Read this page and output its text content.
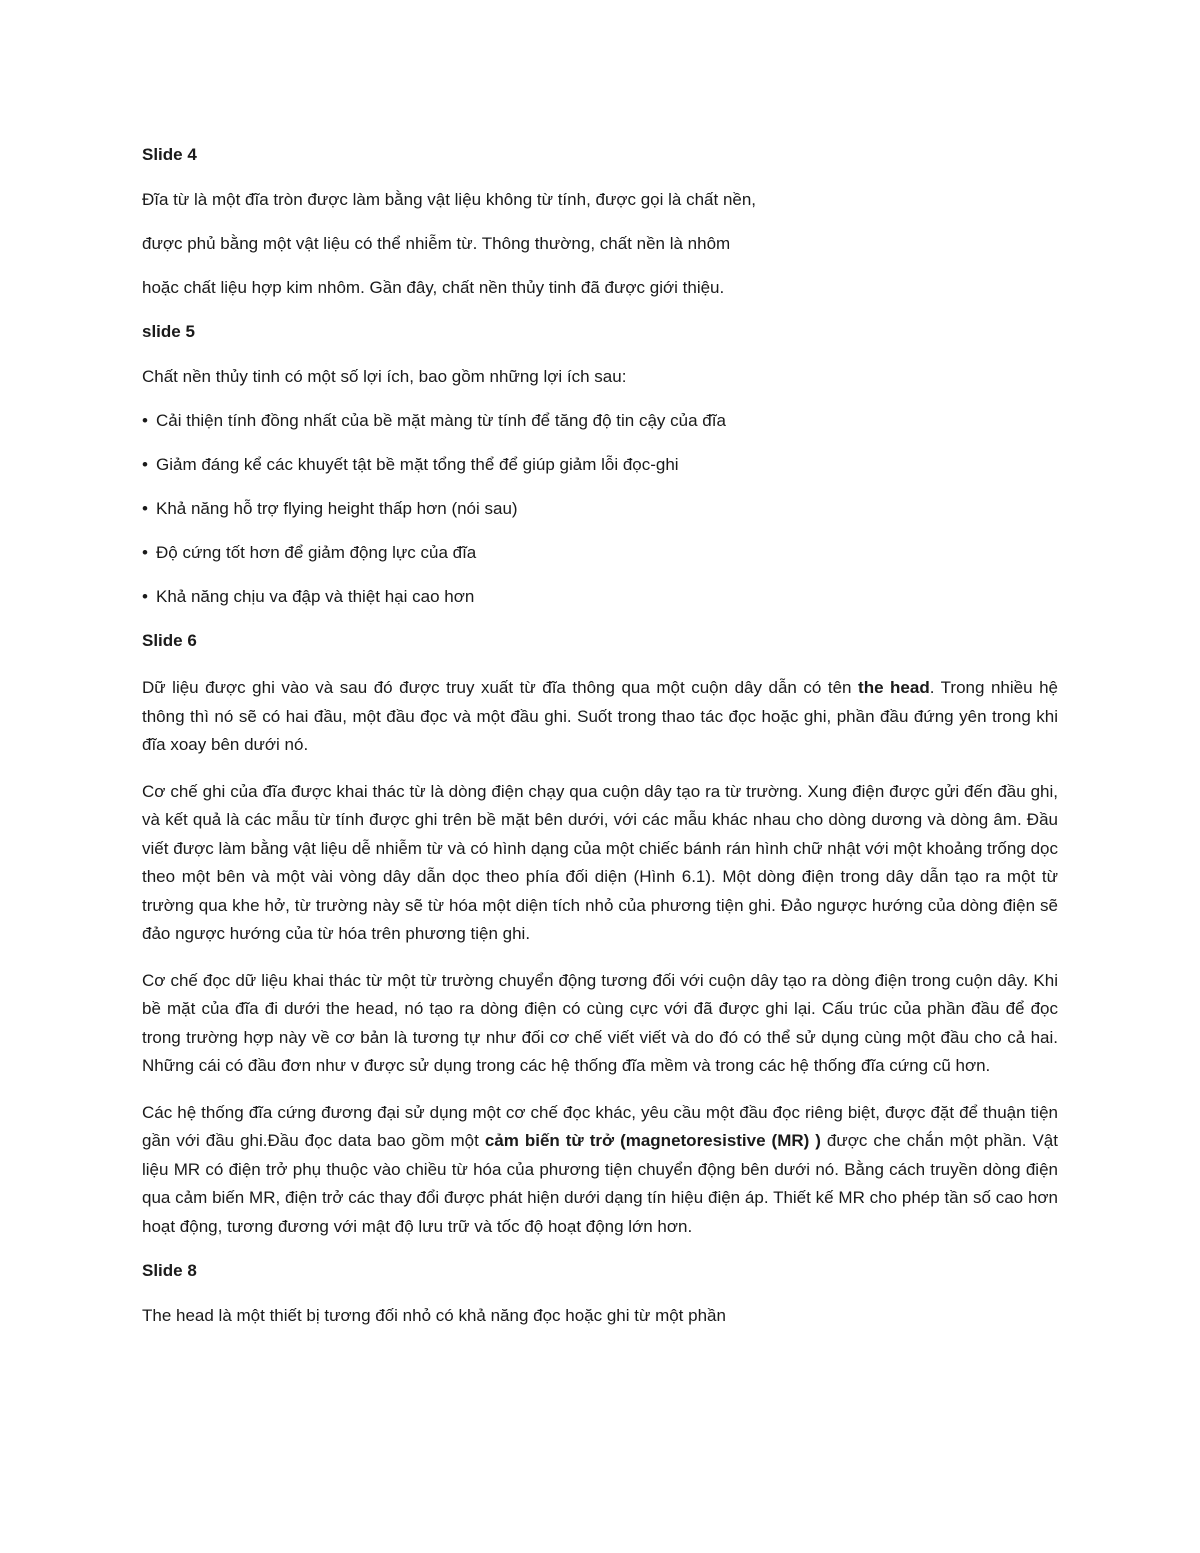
Slide 4
Đĩa từ là một đĩa tròn được làm bằng vật liệu không từ tính, được gọi là chất nền,
được phủ bằng một vật liệu có thể nhiễm từ. Thông thường, chất nền là nhôm
hoặc chất liệu hợp kim nhôm. Gần đây, chất nền thủy tinh đã được giới thiệu.
slide 5
Chất nền thủy tinh có một số lợi ích, bao gồm những lợi ích sau:
• Cải thiện tính đồng nhất của bề mặt màng từ tính để tăng độ tin cậy của đĩa
• Giảm đáng kể các khuyết tật bề mặt tổng thể để giúp giảm lỗi đọc-ghi
• Khả năng hỗ trợ flying height thấp hơn (nói sau)
• Độ cứng tốt hơn để giảm động lực của đĩa
• Khả năng chịu va đập và thiệt hại cao hơn
Slide 6

Dữ liệu được ghi vào và sau đó được truy xuất từ đĩa thông qua một cuộn dây dẫn có tên the head. Trong nhiều hệ thông thì nó sẽ có hai đầu, một đầu đọc và một đầu ghi. Suốt trong thao tác đọc hoặc ghi, phần đầu đứng yên trong khi đĩa xoay bên dưới nó.

Cơ chế ghi của đĩa được khai thác từ là dòng điện chạy qua cuộn dây tạo ra từ trường. Xung điện được gửi đến đầu ghi, và kết quả là các mẫu từ tính được ghi trên bề mặt bên dưới, với các mẫu khác nhau cho dòng dương và dòng âm. Đầu viết được làm bằng vật liệu dễ nhiễm từ và có hình dạng của một chiếc bánh rán hình chữ nhật với một khoảng trống dọc theo một bên và một vài vòng dây dẫn dọc theo phía đối diện (Hình 6.1). Một dòng điện trong dây dẫn tạo ra một từ trường qua khe hở, từ trường này sẽ từ hóa một diện tích nhỏ của phương tiện ghi. Đảo ngược hướng của dòng điện sẽ đảo ngược hướng của từ hóa trên phương tiện ghi.

Cơ chế đọc dữ liệu khai thác từ một từ trường chuyển động tương đối với cuộn dây tạo ra dòng điện trong cuộn dây. Khi bề mặt của đĩa đi dưới the head, nó tạo ra dòng điện có cùng cực với đã được ghi lại. Cấu trúc của phần đầu để đọc trong trường hợp này về cơ bản là tương tự như đối cơ chế viết viết và do đó có thể sử dụng cùng một đầu cho cả hai. Những cái có đầu đơn như v được sử dụng trong các hệ thống đĩa mềm và trong các hệ thống đĩa cứng cũ hơn.

Các hệ thống đĩa cứng đương đại sử dụng một cơ chế đọc khác, yêu cầu một đầu đọc riêng biệt, được đặt để thuận tiện gần với đầu ghi.Đầu đọc data bao gồm một cảm biến từ trở (magnetoresistive (MR) ) được che chắn một phần. Vật liệu MR có điện trở phụ thuộc vào chiều từ hóa của phương tiện chuyển động bên dưới nó. Bằng cách truyền dòng điện qua cảm biến MR, điện trở các thay đổi được phát hiện dưới dạng tín hiệu điện áp. Thiết kế MR cho phép tần số cao hơn hoạt động, tương đương với mật độ lưu trữ và tốc độ hoạt động lớn hơn.

Slide 8
The head là một thiết bị tương đối nhỏ có khả năng đọc hoặc ghi từ một phần
